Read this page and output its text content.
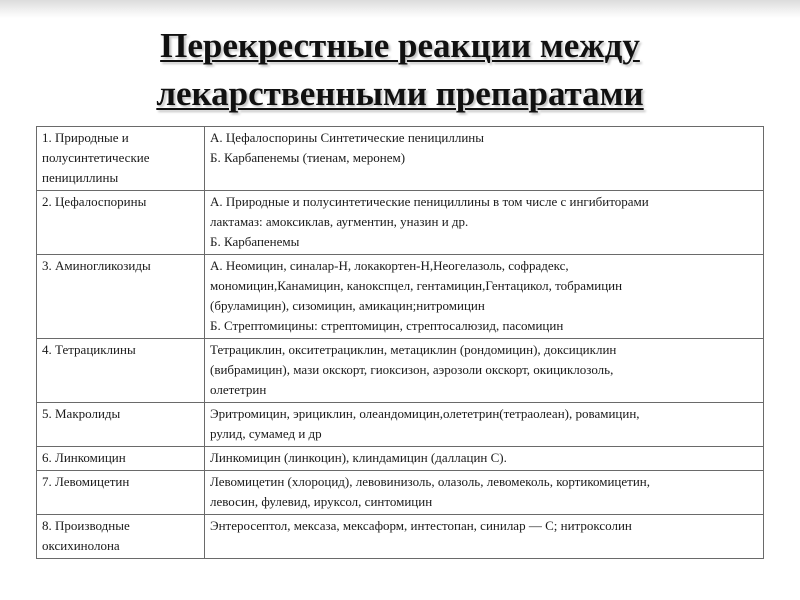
Перекрестные реакции между
лекарственными препаратами
1. Природные и
полусинтетические
пенициллины	А. Цефалоспорины Синтетические пенициллины
Б. Карбапенемы (тиенам, меронем)

2. Цефалоспорины	А. Природные и полусинтетические пенициллины в том числе с ингибиторами
лактамаз: амоксиклав, аугментин, уназин и др.
Б. Карбапенемы

3. Аминогликозиды	А. Неомицин, синалар-Н, локакортен-Н,Неогелазоль, софрадекс,
мономицин,Канамицин, канокспцел, гентамицин,Гентацикол, тобрамицин
(бруламицин), сизомицин, амикацин;нитромицин
Б. Стрептомицины: стрептомицин, стрептосалюзид, пасомицин

4. Тетрациклины	Тетрациклин, окситетрациклин, метациклин (рондомицин), доксициклин
(вибрамицин), мази окскорт, гиоксизон, аэрозоли окскорт, окициклозоль,
олететрин

5. Макролиды	Эритромицин, эрициклин, олеандомицин,олететрин(тетраолеан), ровамицин,
рулид, сумамед и др

6. Линкомицин	Линкомицин (линкоцин), клиндамицин (даллацин С).

7. Левомицетин	Левомицетин (хлороцид), левовинизоль, олазоль, левомеколь, кортикомицетин,
левосин, фулевид, ируксол, синтомицин

8. Производные
оксихинолона	Энтеросептол, мексаза, мексаформ, интестопан, синилар — С; нитроксолин
